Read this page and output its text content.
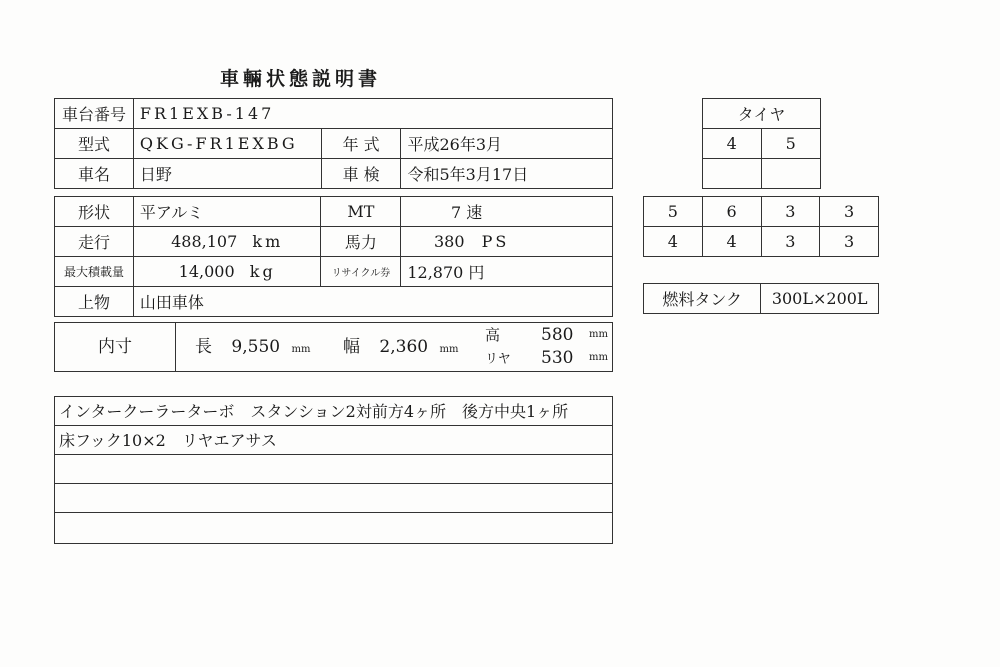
車輛状態説明書
車台番号	FR1EXB-147		
型式	QKG-FR1EXBG	年 式	平成26年3月
車名	日野	車 検	令和5年3月17日
形状	平アルミ	MT	7 速
走行	488,107 km	馬力	380 PS
最大積載量	14,000 kg	リサイクル券	12,870 円
上物	山田車体		
内寸	長 9,550 mm 幅 2,360 mm
高 580 mm
リヤ 530 mm
インタークーラーターボ　スタンション2対前方4ヶ所　後方中央1ヶ所
床フック10×2　リヤエアサス
タイヤ	
4	5

5	6	3	3
4	4	3	3
燃料タンク	300L×200L
